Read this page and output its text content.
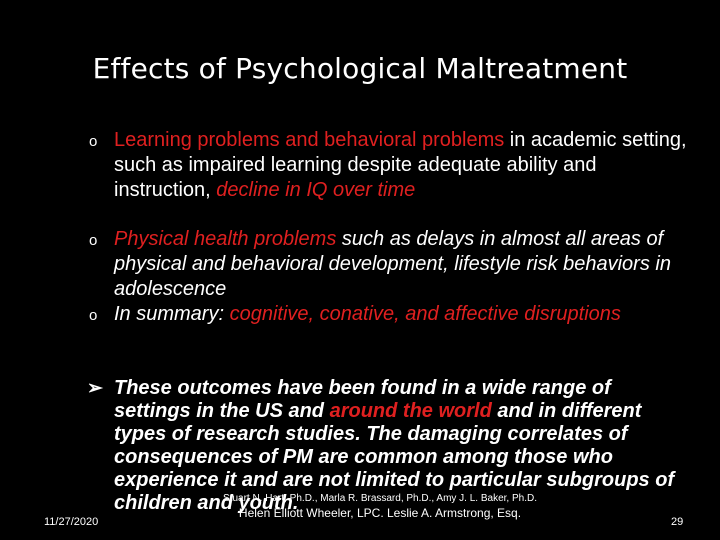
Effects of Psychological Maltreatment
o Learning problems and behavioral problems in academic setting, such as impaired learning despite adequate ability and instruction, decline in IQ over time
o Physical health problems such as delays in almost all areas of physical and behavioral development, lifestyle risk behaviors in adolescence
o In summary: cognitive, conative, and affective disruptions
➢ These outcomes have been found in a wide range of settings in the US and around the world and in different types of research studies. The damaging correlates of consequences of PM are common among those who experience it and are not limited to particular subgroups of children and youth.
Stuart N. Hart, Ph.D., Marla R. Brassard, Ph.D., Amy J. L. Baker, Ph.D.
Helen Elliott Wheeler, LPC. Leslie A. Armstrong, Esq.
11/27/2020	29
